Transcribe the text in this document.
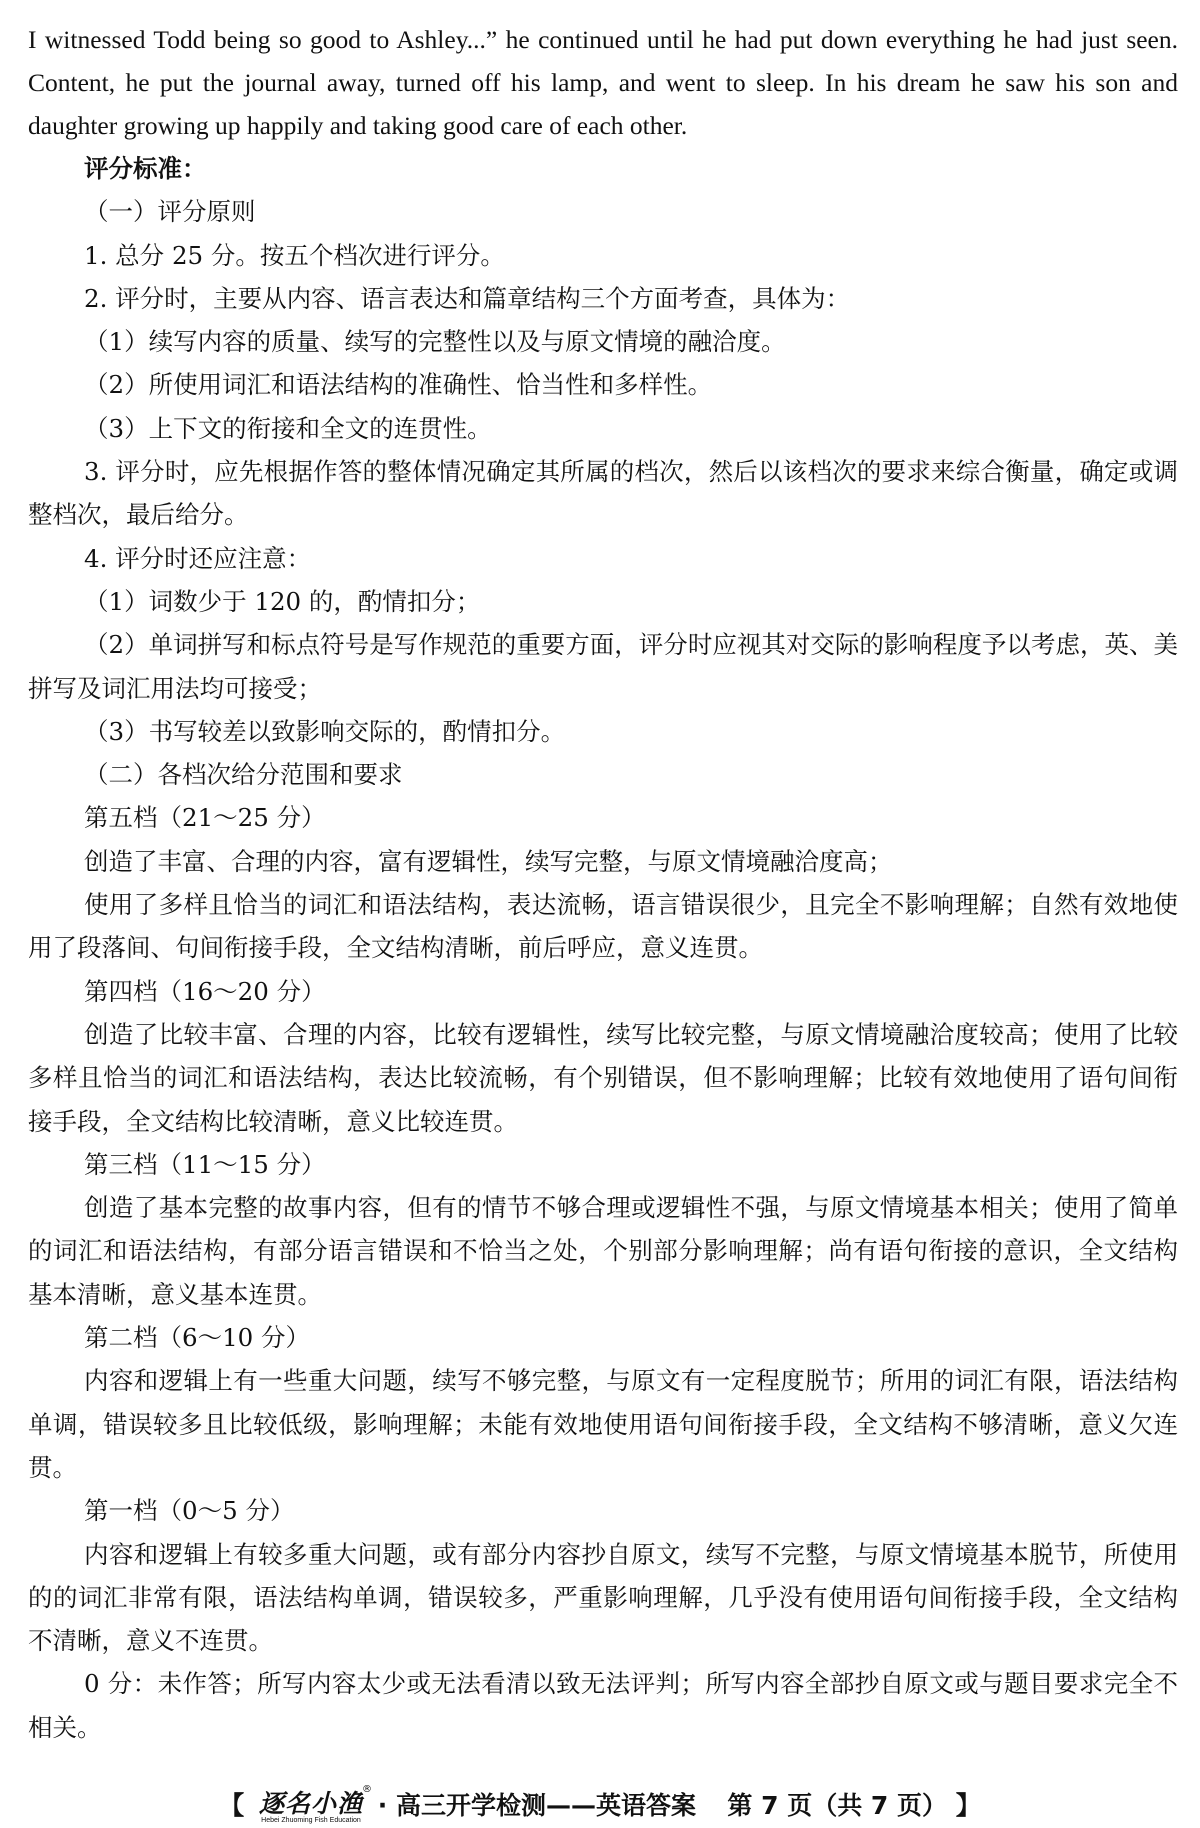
I witnessed Todd being so good to Ashley...” he continued until he had put down everything he had just seen. Content, he put the journal away, turned off his lamp, and went to sleep. In his dream he saw his son and daughter growing up happily and taking good care of each other.

评分标准：
（一）评分原则
1. 总分 25 分。按五个档次进行评分。
2. 评分时，主要从内容、语言表达和篇章结构三个方面考查，具体为：
（1）续写内容的质量、续写的完整性以及与原文情境的融洽度。
（2）所使用词汇和语法结构的准确性、恰当性和多样性。
（3）上下文的衔接和全文的连贯性。

3. 评分时，应先根据作答的整体情况确定其所属的档次，然后以该档次的要求来综合衡量，确定或调整档次，最后给分。

4. 评分时还应注意：
（1）词数少于 120 的，酌情扣分；

（2）单词拼写和标点符号是写作规范的重要方面，评分时应视其对交际的影响程度予以考虑，英、美拼写及词汇用法均可接受；

（3）书写较差以致影响交际的，酌情扣分。
（二）各档次给分范围和要求
第五档（21～25 分）
创造了丰富、合理的内容，富有逻辑性，续写完整，与原文情境融洽度高；

使用了多样且恰当的词汇和语法结构，表达流畅，语言错误很少，且完全不影响理解；自然有效地使用了段落间、句间衔接手段，全文结构清晰，前后呼应，意义连贯。

第四档（16～20 分）

创造了比较丰富、合理的内容，比较有逻辑性，续写比较完整，与原文情境融洽度较高；使用了比较多样且恰当的词汇和语法结构，表达比较流畅，有个别错误，但不影响理解；比较有效地使用了语句间衔接手段，全文结构比较清晰，意义比较连贯。

第三档（11～15 分）

创造了基本完整的故事内容，但有的情节不够合理或逻辑性不强，与原文情境基本相关；使用了简单的词汇和语法结构，有部分语言错误和不恰当之处，个别部分影响理解；尚有语句衔接的意识，全文结构基本清晰，意义基本连贯。

第二档（6～10 分）

内容和逻辑上有一些重大问题，续写不够完整，与原文有一定程度脱节；所用的词汇有限，语法结构单调，错误较多且比较低级，影响理解；未能有效地使用语句间衔接手段，全文结构不够清晰，意义欠连贯。

第一档（0～5 分）

内容和逻辑上有较多重大问题，或有部分内容抄自原文，续写不完整，与原文情境基本脱节，所使用的的词汇非常有限，语法结构单调，错误较多，严重影响理解，几乎没有使用语句间衔接手段，全文结构不清晰，意义不连贯。

0 分：未作答；所写内容太少或无法看清以致无法评判；所写内容全部抄自原文或与题目要求完全不相关。

【 逐名小渔
Hebei Zhuoming Fish Education
®
· 高三开学检测——英语答案 第 7 页（共 7 页） 】
